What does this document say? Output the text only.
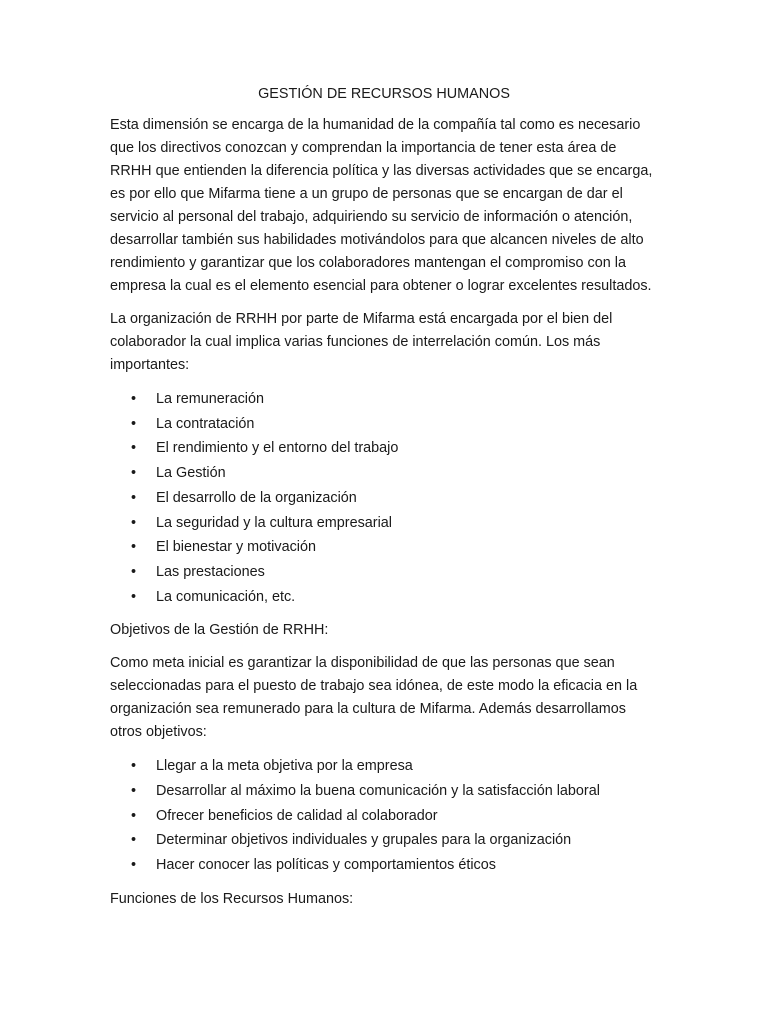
GESTIÓN DE RECURSOS HUMANOS

Esta dimensión se encarga de la humanidad de la compañía tal como es necesario que los directivos conozcan y comprendan la importancia de tener esta área de RRHH que entienden la diferencia política y las diversas actividades que se encarga, es por ello que Mifarma tiene a un grupo de personas que se encargan de dar el servicio al personal del trabajo, adquiriendo su servicio de información o atención, desarrollar también sus habilidades motivándolos para que alcancen niveles de alto rendimiento y garantizar que los colaboradores mantengan el compromiso con la empresa la cual es el elemento esencial para obtener o lograr excelentes resultados.

La organización de RRHH por parte de Mifarma está encargada por el bien del colaborador la cual implica varias funciones de interrelación común. Los más importantes:

• La remuneración
• La contratación
• El rendimiento y el entorno del trabajo
• La Gestión
• El desarrollo de la organización
• La seguridad y la cultura empresarial
• El bienestar y motivación
• Las prestaciones
• La comunicación, etc.

Objetivos de la Gestión de RRHH:

Como meta inicial es garantizar la disponibilidad de que las personas que sean seleccionadas para el puesto de trabajo sea idónea, de este modo la eficacia en la organización sea remunerado para la cultura de Mifarma. Además desarrollamos otros objetivos:

• Llegar a la meta objetiva por la empresa
• Desarrollar al máximo la buena comunicación y la satisfacción laboral
• Ofrecer beneficios de calidad al colaborador
• Determinar objetivos individuales y grupales para la organización
• Hacer conocer las políticas y comportamientos éticos

Funciones de los Recursos Humanos:
